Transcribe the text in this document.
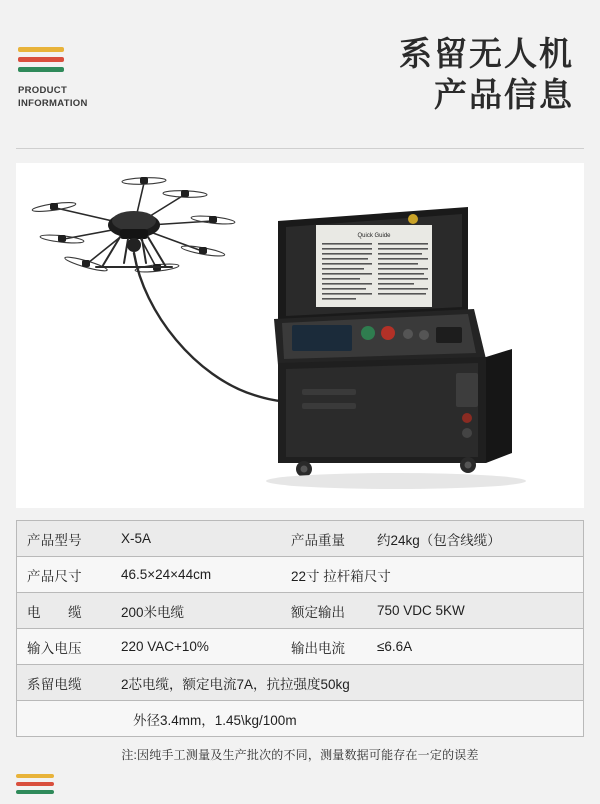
PRODUCT
INFORMATION
系留无人机
产品信息
Quick Guide
产品型号	X-5A	产品重量	约24kg（包含线缆）
产品尺寸	46.5×24×44cm	22寸 拉杆箱尺寸
电　　缆	200米电缆	额定输出	750 VDC 5KW
输入电压	220 VAC+10%	输出电流	≤6.6A
系留电缆	2芯电缆，额定电流7A，抗拉强度50kg
外径3.4mm，1.45\kg/100m
注:因纯手工测量及生产批次的不同，测量数据可能存在一定的误差
